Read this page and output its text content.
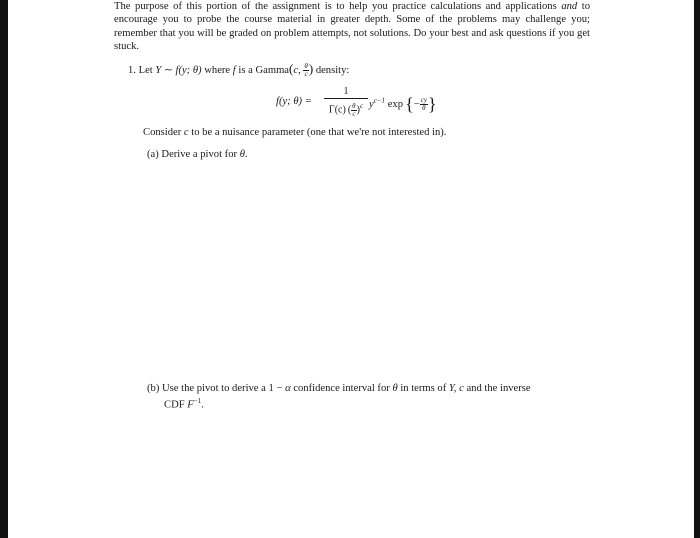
The purpose of this portion of the assignment is to help you practice calculations and applications and to encourage you to probe the course material in greater depth. Some of the problems may challenge you; remember that you will be graded on problem attempts, not solutions. Do your best and ask questions if you get stuck.
1. Let Y ∼ f(y; θ) where f is a Gamma(c, $\frac{\theta}{c}$ ) density:
f(y; θ) =
1
Γ(c) ( $\frac{\theta}{c} )^c$ $y^{c-1}$ exp  {− $\frac{cy}{\theta}$ }
Consider c to be a nuisance parameter (one that we're not interested in).
(a) Derive a pivot for θ.
(b) Use the pivot to derive a 1 − α confidence interval for θ in terms of Y, c and the inverse
CDF $F^{-1}$.
